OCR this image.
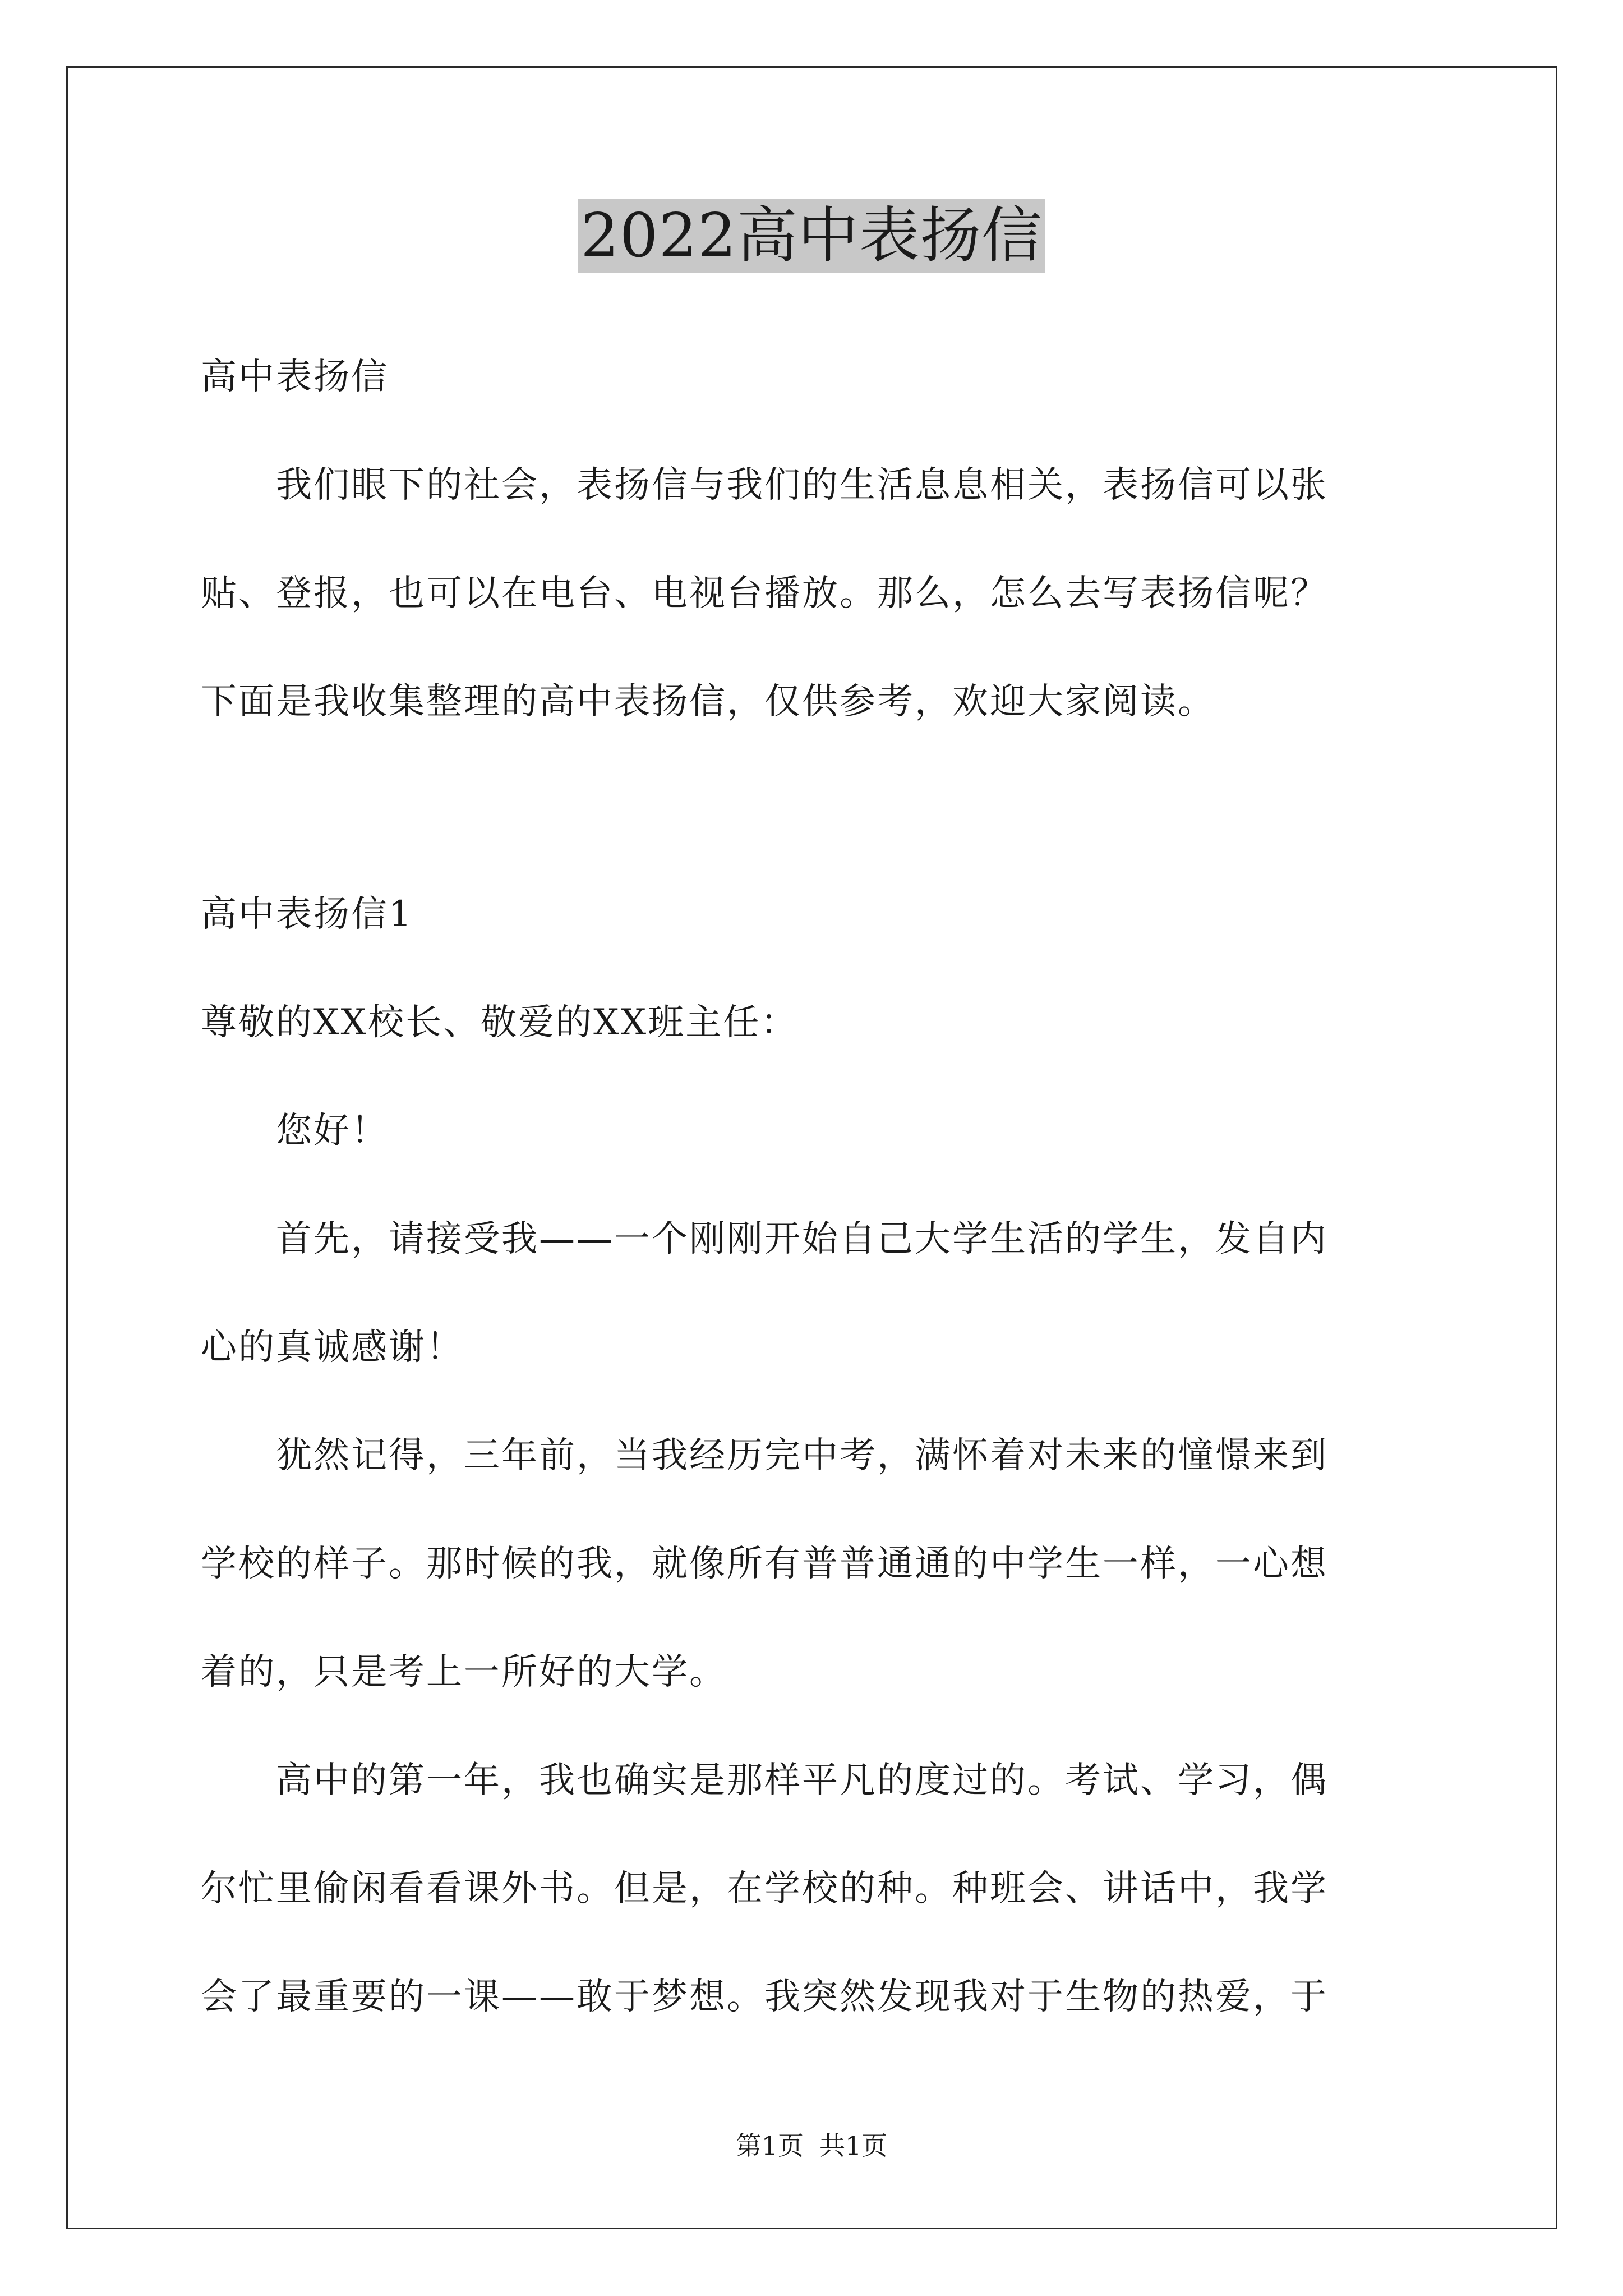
2022高中表扬信
高中表扬信
　　我们眼下的社会，表扬信与我们的生活息息相关，表扬信可以张
贴、登报，也可以在电台、电视台播放。那么，怎么去写表扬信呢？
下面是我收集整理的高中表扬信，仅供参考，欢迎大家阅读。
高中表扬信1
尊敬的XX校长、敬爱的XX班主任：
　　您好！
　　首先，请接受我——一个刚刚开始自己大学生活的学生，发自内
心的真诚感谢！
　　犹然记得，三年前，当我经历完中考，满怀着对未来的憧憬来到
学校的样子。那时候的我，就像所有普普通通的中学生一样，一心想
着的，只是考上一所好的大学。
　　高中的第一年，我也确实是那样平凡的度过的。考试、学习，偶
尔忙里偷闲看看课外书。但是，在学校的种。种班会、讲话中，我学
会了最重要的一课——敢于梦想。我突然发现我对于生物的热爱，于
第1页 共1页
